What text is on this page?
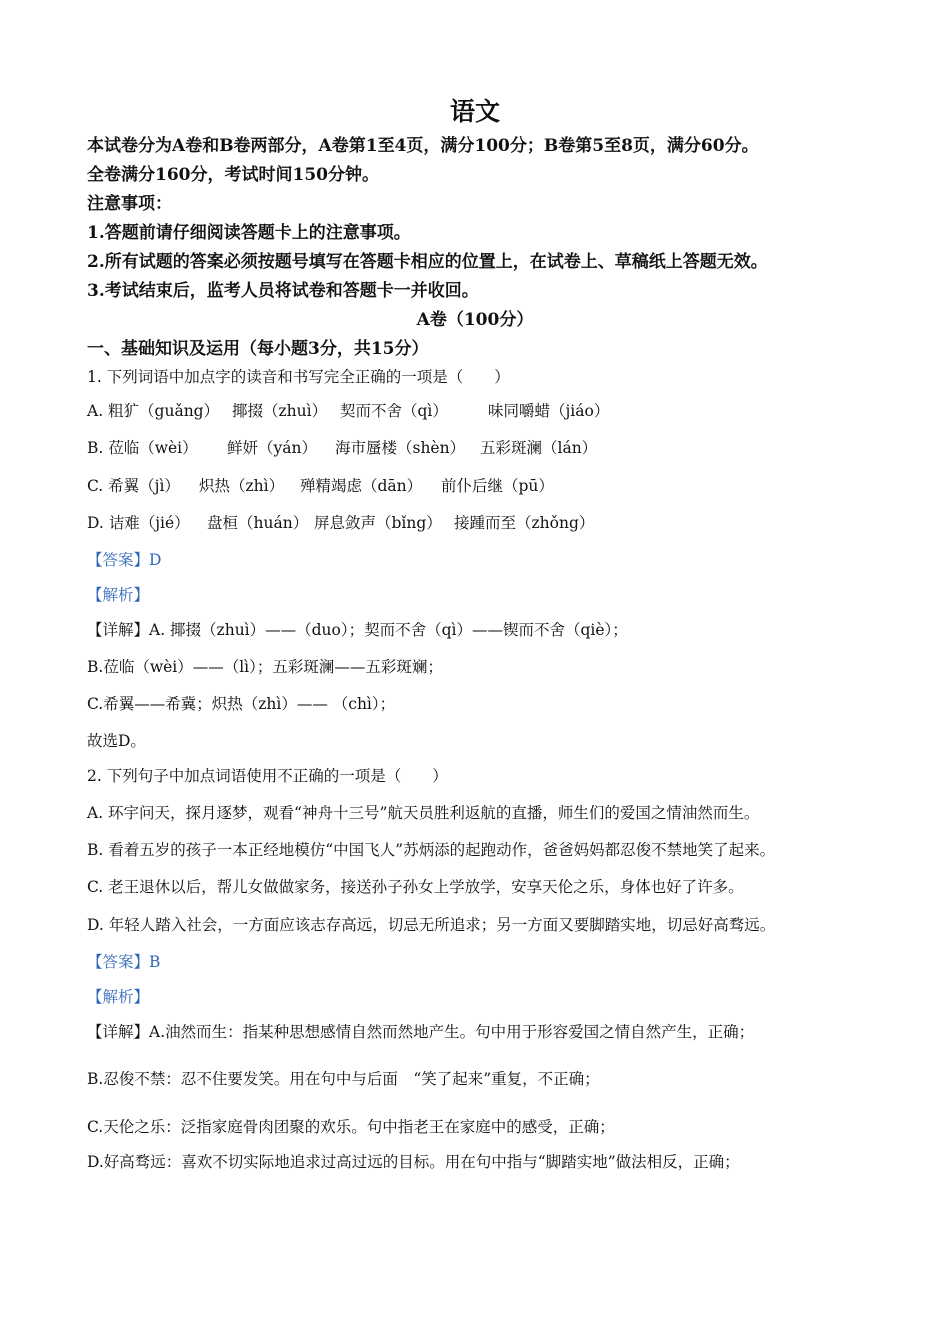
语文
本试卷分为A卷和B卷两部分，A卷第1至4页，满分100分；B卷第5至8页，满分60分。
全卷满分160分，考试时间150分钟。
注意事项：
1.答题前请仔细阅读答题卡上的注意事项。
2.所有试题的答案必须按题号填写在答题卡相应的位置上，在试卷上、草稿纸上答题无效。
3.考试结束后，监考人员将试卷和答题卡一并收回。
A卷（100分）
一、基础知识及运用（每小题3分，共15分）
1. 下列词语中加点字的读音和书写完全正确的一项是（　　）
A. 粗犷（guǎng） 揶掇（zhuì） 契而不舍（qì）	味同嚼蜡（jiáo）
B. 莅临（wèi） 鲜妍（yán） 海市蜃楼（shèn） 五彩斑澜（lán）
C. 希翼（jì） 炽热（zhì） 殚精竭虑（dān） 前仆后继（pū）
D. 诘难（jié） 盘桓（huán） 屏息敛声（bǐng） 接踵而至（zhǒng）
【答案】D
【解析】
【详解】A. 揶掇（zhuì）——（duo）；契而不舍（qì）——锲而不舍（qiè）；
B.莅临（wèi）——（lì）；五彩斑澜——五彩斑斓；
C.希翼——希冀；炽热（zhì）—— （chì）；
故选D。
2. 下列句子中加点词语使用不正确的一项是（　　）
A. 环宇问天，探月逐梦，观看“神舟十三号”航天员胜利返航的直播，师生们的爱国之情油然而生。
B. 看着五岁的孩子一本正经地模仿“中国飞人”苏炳添的起跑动作，爸爸妈妈都忍俊不禁地笑了起来。
C. 老王退休以后，帮儿女做做家务，接送孙子孙女上学放学，安享天伦之乐，身体也好了许多。
D. 年轻人踏入社会，一方面应该志存高远，切忌无所追求；另一方面又要脚踏实地，切忌好高骛远。
【答案】B
【解析】
【详解】A.油然而生：指某种思想感情自然而然地产生。句中用于形容爱国之情自然产生，正确；
B.忍俊不禁：忍不住要发笑。用在句中与后面　“笑了起来”重复，不正确；
C.天伦之乐：泛指家庭骨肉团聚的欢乐。句中指老王在家庭中的感受，正确；
D.好高骛远：喜欢不切实际地追求过高过远的目标。用在句中指与“脚踏实地”做法相反，正确；
